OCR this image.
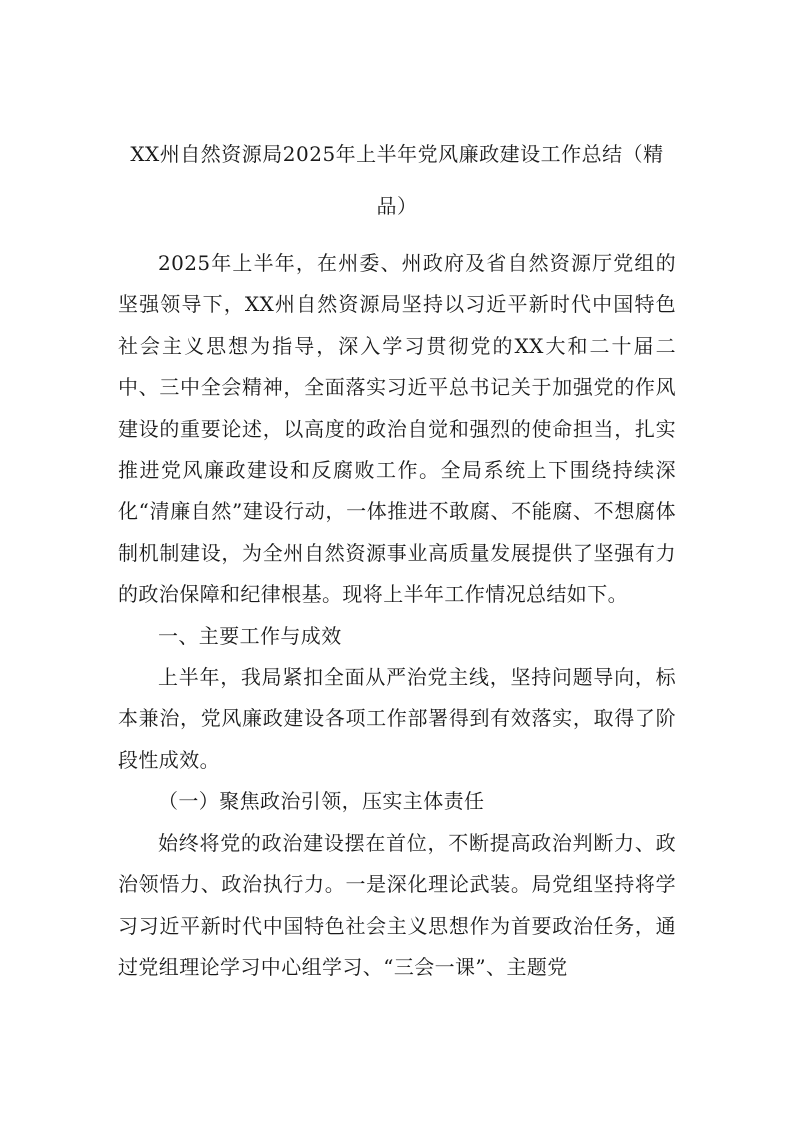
XX州自然资源局2025年上半年党风廉政建设工作总结（精品）

2025年上半年，在州委、州政府及省自然资源厅党组的坚强领导下，XX州自然资源局坚持以习近平新时代中国特色社会主义思想为指导，深入学习贯彻党的XX大和二十届二中、三中全会精神，全面落实习近平总书记关于加强党的作风建设的重要论述，以高度的政治自觉和强烈的使命担当，扎实推进党风廉政建设和反腐败工作。全局系统上下围绕持续深化“清廉自然”建设行动，一体推进不敢腐、不能腐、不想腐体制机制建设，为全州自然资源事业高质量发展提供了坚强有力的政治保障和纪律根基。现将上半年工作情况总结如下。

一、主要工作与成效

上半年，我局紧扣全面从严治党主线，坚持问题导向，标本兼治，党风廉政建设各项工作部署得到有效落实，取得了阶段性成效。

（一）聚焦政治引领，压实主体责任

始终将党的政治建设摆在首位，不断提高政治判断力、政治领悟力、政治执行力。一是深化理论武装。局党组坚持将学习习近平新时代中国特色社会主义思想作为首要政治任务，通过党组理论学习中心组学习、“三会一课”、主题党
